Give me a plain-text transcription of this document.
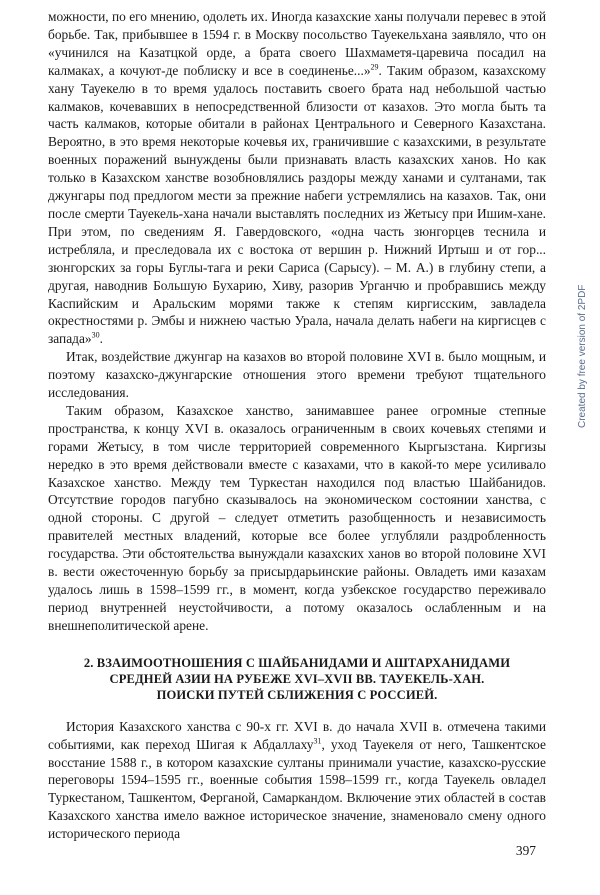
можности, по его мнению, одолеть их. Иногда казахские ханы получали перевес в этой борьбе. Так, прибывшее в 1594 г. в Москву посольство Тауекельхана заявляло, что он «учинился на Казатцкой орде, а брата своего Шахмаметя-царевича посадил на калмаках, а кочуют-де поблиску и все в соединенье...»$^{29}$. Таким образом, казахскому хану Тауекелю в то время удалось поставить своего брата над небольшой частью калмаков, кочевавших в непосредственной близости от казахов. Это могла быть та часть калмаков, которые обитали в районах Центрального и Северного Казахстана. Вероятно, в это время некоторые кочевья их, граничившие с казахскими, в результате военных поражений вынуждены были признавать власть казахских ханов. Но как только в Казахском ханстве возобновлялись раздоры между ханами и султанами, так джунгары под предлогом мести за прежние набеги устремлялись на казахов. Так, они после смерти Тауекель-хана начали выставлять последних из Жетысу при Ишим-хане. При этом, по сведениям Я. Гавердовского, «одна часть зюнгорцев теснила и истребляла, и преследовала их с востока от вершин р. Нижний Иртыш и от гор... зюнгорских за горы Буглы-тага и реки Сариса (Сарысу). – М. А.) в глубину степи, а другая, наводнив Большую Бухарию, Хиву, разорив Урганчю и пробравшись между Каспийским и Аральским морями также к степям киргисским, завладела окрестностями р. Эмбы и нижнею частью Урала, начала делать набеги на киргисцев с запада»$^{30}$.

Итак, воздействие джунгар на казахов во второй половине XVI в. было мощным, и поэтому казахско-джунгарские отношения этого времени требуют тщательного исследования.

Таким образом, Казахское ханство, занимавшее ранее огромные степные пространства, к концу XVI в. оказалось ограниченным в своих кочевьях степями и горами Жетысу, в том числе территорией современного Кыргызстана. Киргизы нередко в это время действовали вместе с казахами, что в какой-то мере усиливало Казахское ханство. Между тем Туркестан находился под властью Шайбанидов. Отсутствие городов пагубно сказывалось на экономическом состоянии ханства, с одной стороны. С другой – следует отметить разобщенность и независимость правителей местных владений, которые все более углубляли раздробленность государства. Эти обстоятельства вынуждали казахских ханов во второй половине XVI в. вести ожесточенную борьбу за присырдарьинские районы. Овладеть ими казахам удалось лишь в 1598–1599 гг., в момент, когда узбекское государство переживало период внутренней неустойчивости, а потому оказалось ослабленным и на внешнеполитической арене.

2. ВЗАИМООТНОШЕНИЯ С ШАЙБАНИДАМИ И АШТАРХАНИДАМИ
СРЕДНЕЙ АЗИИ НА РУБЕЖЕ XVI–XVII ВВ. ТАУЕКЕЛЬ-ХАН.
ПОИСКИ ПУТЕЙ СБЛИЖЕНИЯ С РОССИЕЙ.

История Казахского ханства с 90-х гг. XVI в. до начала XVII в. отмечена такими событиями, как переход Шигая к Абдаллаху$^{31}$, уход Тауекеля от него, Ташкентское восстание 1588 г., в котором казахские султаны принимали участие, казахско-русские переговоры 1594–1595 гг., военные события 1598–1599 гг., когда Тауекель овладел Туркестаном, Ташкентом, Ферганой, Самаркандом. Включение этих областей в состав Казахского ханства имело важное историческое значение, знаменовало смену одного исторического периода

397
Created by free version of 2PDF
